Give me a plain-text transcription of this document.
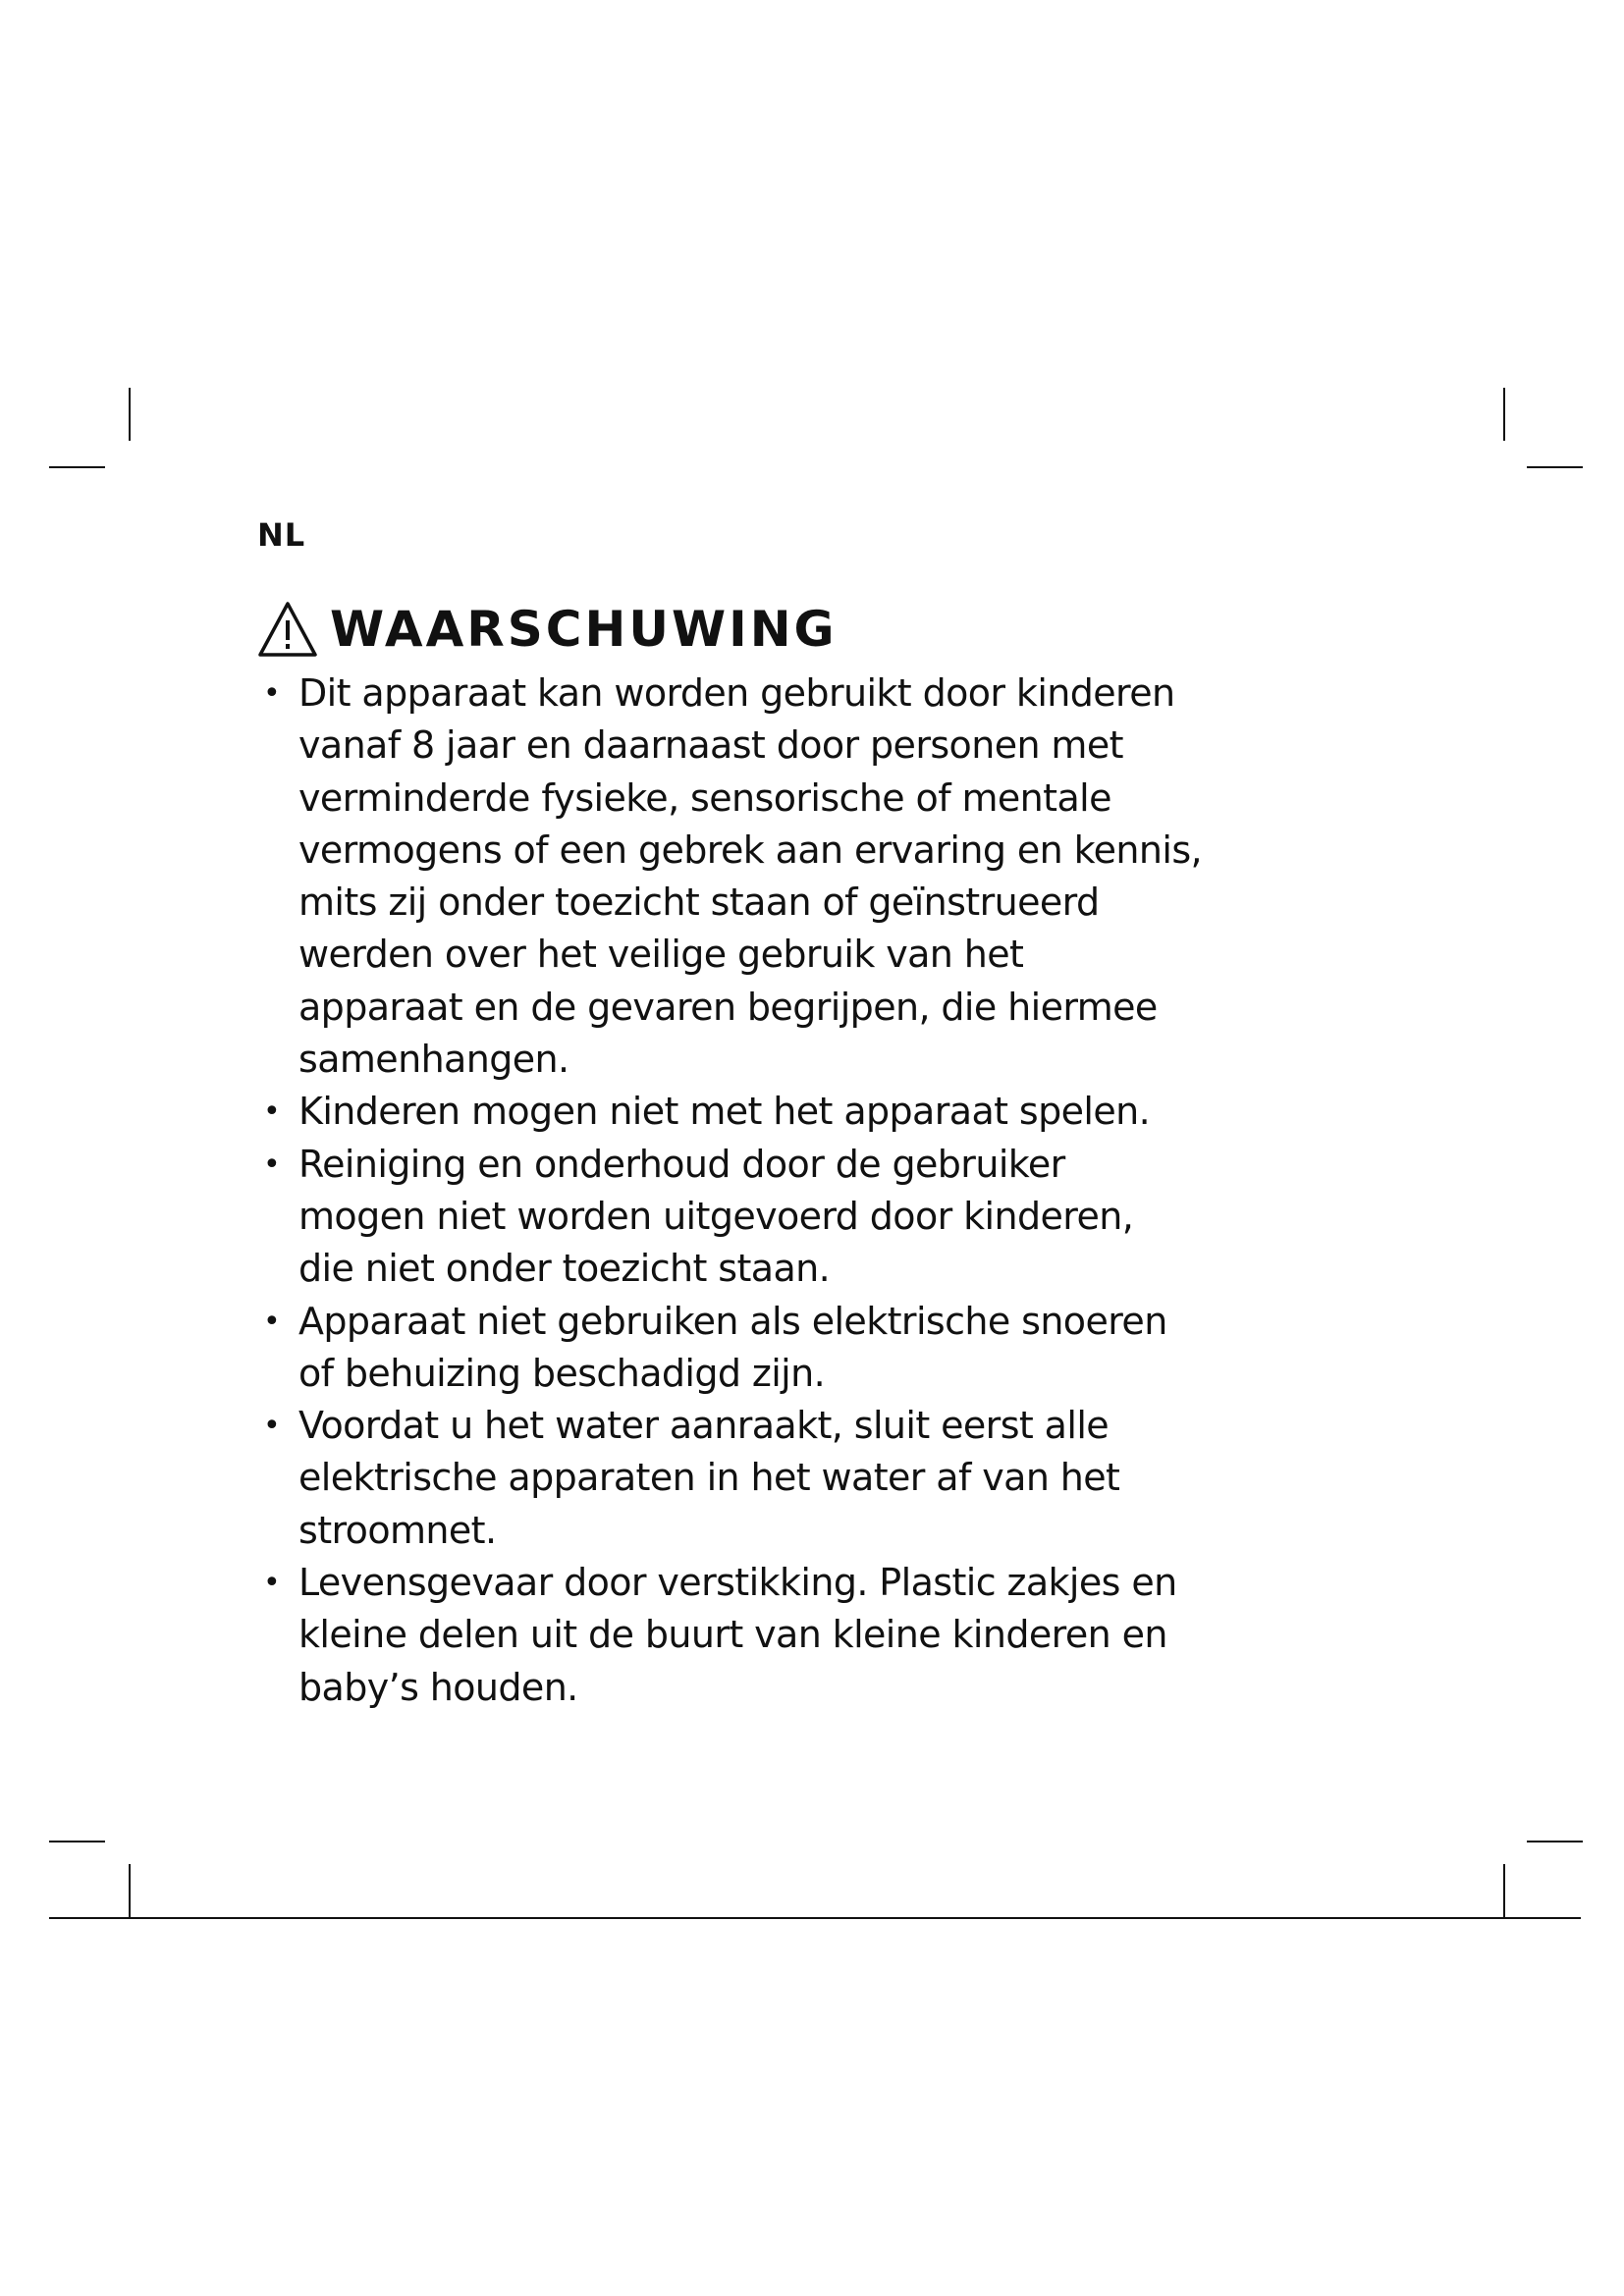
NL
WAARSCHUWING
• Dit apparaat kan worden gebruikt door kinderen
vanaf 8 jaar en daarnaast door personen met
verminderde fysieke, sensorische of mentale
vermogens of een gebrek aan ervaring en kennis,
mits zij onder toezicht staan of geïnstrueerd
werden over het veilige gebruik van het
apparaat en de gevaren begrijpen, die hiermee
samenhangen.
• Kinderen mogen niet met het apparaat spelen.
• Reiniging en onderhoud door de gebruiker
mogen niet worden uitgevoerd door kinderen,
die niet onder toezicht staan.
• Apparaat niet gebruiken als elektrische snoeren
of behuizing beschadigd zijn.
• Voordat u het water aanraakt, sluit eerst alle
elektrische apparaten in het water af van het
stroomnet.
• Levensgevaar door verstikking. Plastic zakjes en
kleine delen uit de buurt van kleine kinderen en
baby’s houden.
